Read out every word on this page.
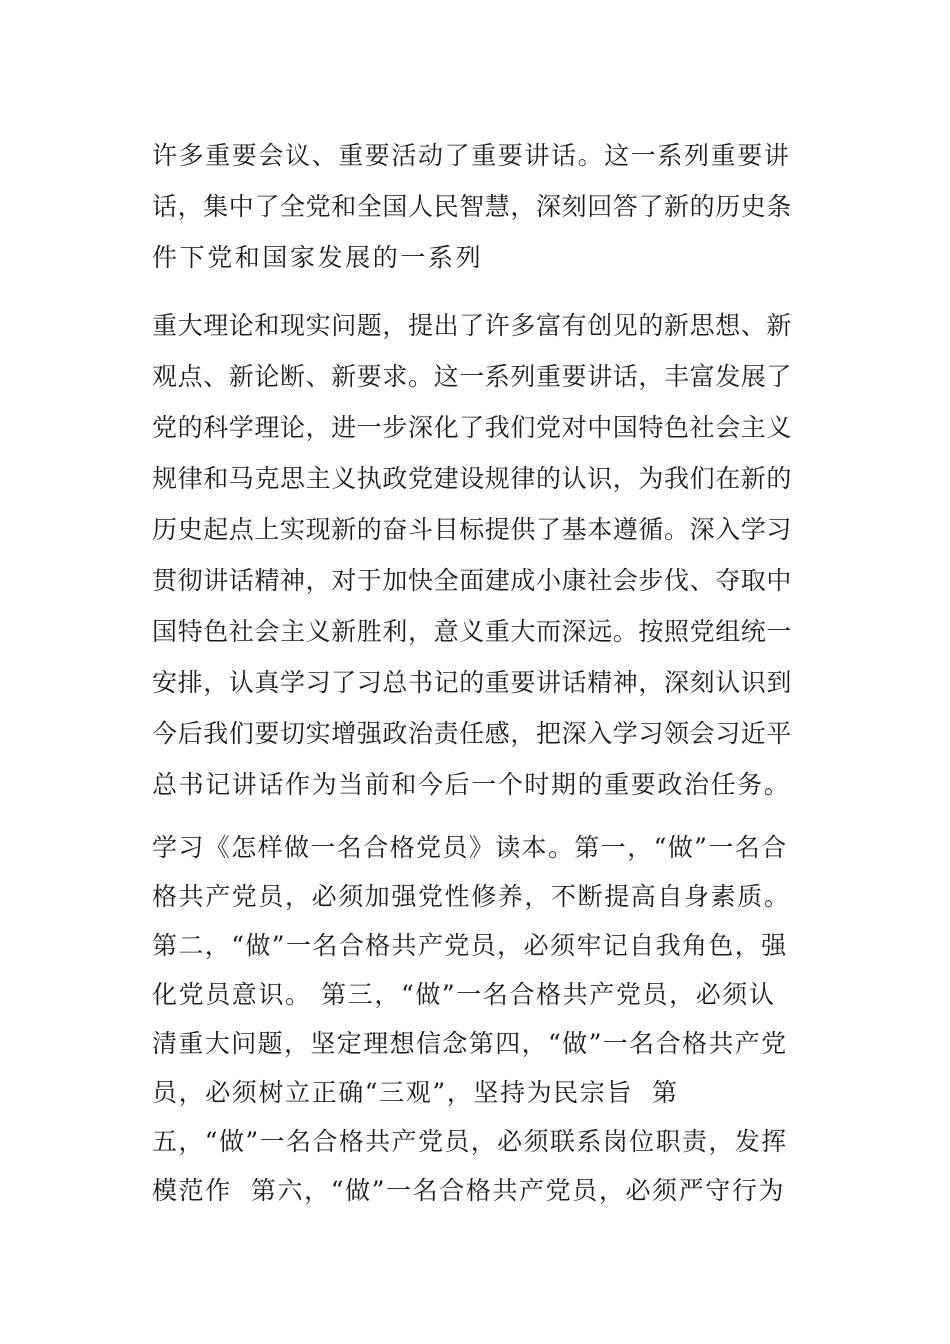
许多重要会议、重要活动了重要讲话。这一系列重要讲
话，集中了全党和全国人民智慧，深刻回答了新的历史条
件下党和国家发展的一系列
重大理论和现实问题，提出了许多富有创见的新思想、新
观点、新论断、新要求。这一系列重要讲话，丰富发展了
党的科学理论，进一步深化了我们党对中国特色社会主义
规律和马克思主义执政党建设规律的认识，为我们在新的
历史起点上实现新的奋斗目标提供了基本遵循。深入学习
贯彻讲话精神，对于加快全面建成小康社会步伐、夺取中
国特色社会主义新胜利，意义重大而深远。按照党组统一
安排，认真学习了习总书记的重要讲话精神，深刻认识到
今后我们要切实增强政治责任感，把深入学习领会习近平
总书记讲话作为当前和今后一个时期的重要政治任务。
学习《怎样做一名合格党员》读本。第一，“做”一名合
格共产党员，必须加强党性修养，不断提高自身素质。
第二，“做”一名合格共产党员，必须牢记自我角色，强
化党员意识。 第三，“做”一名合格共产党员，必须认
清重大问题，坚定理想信念第四，“做”一名合格共产党
员，必须树立正确“三观”，坚持为民宗旨  第
五，“做”一名合格共产党员，必须联系岗位职责，发挥
模范作  第六，“做”一名合格共产党员，必须严守行为
